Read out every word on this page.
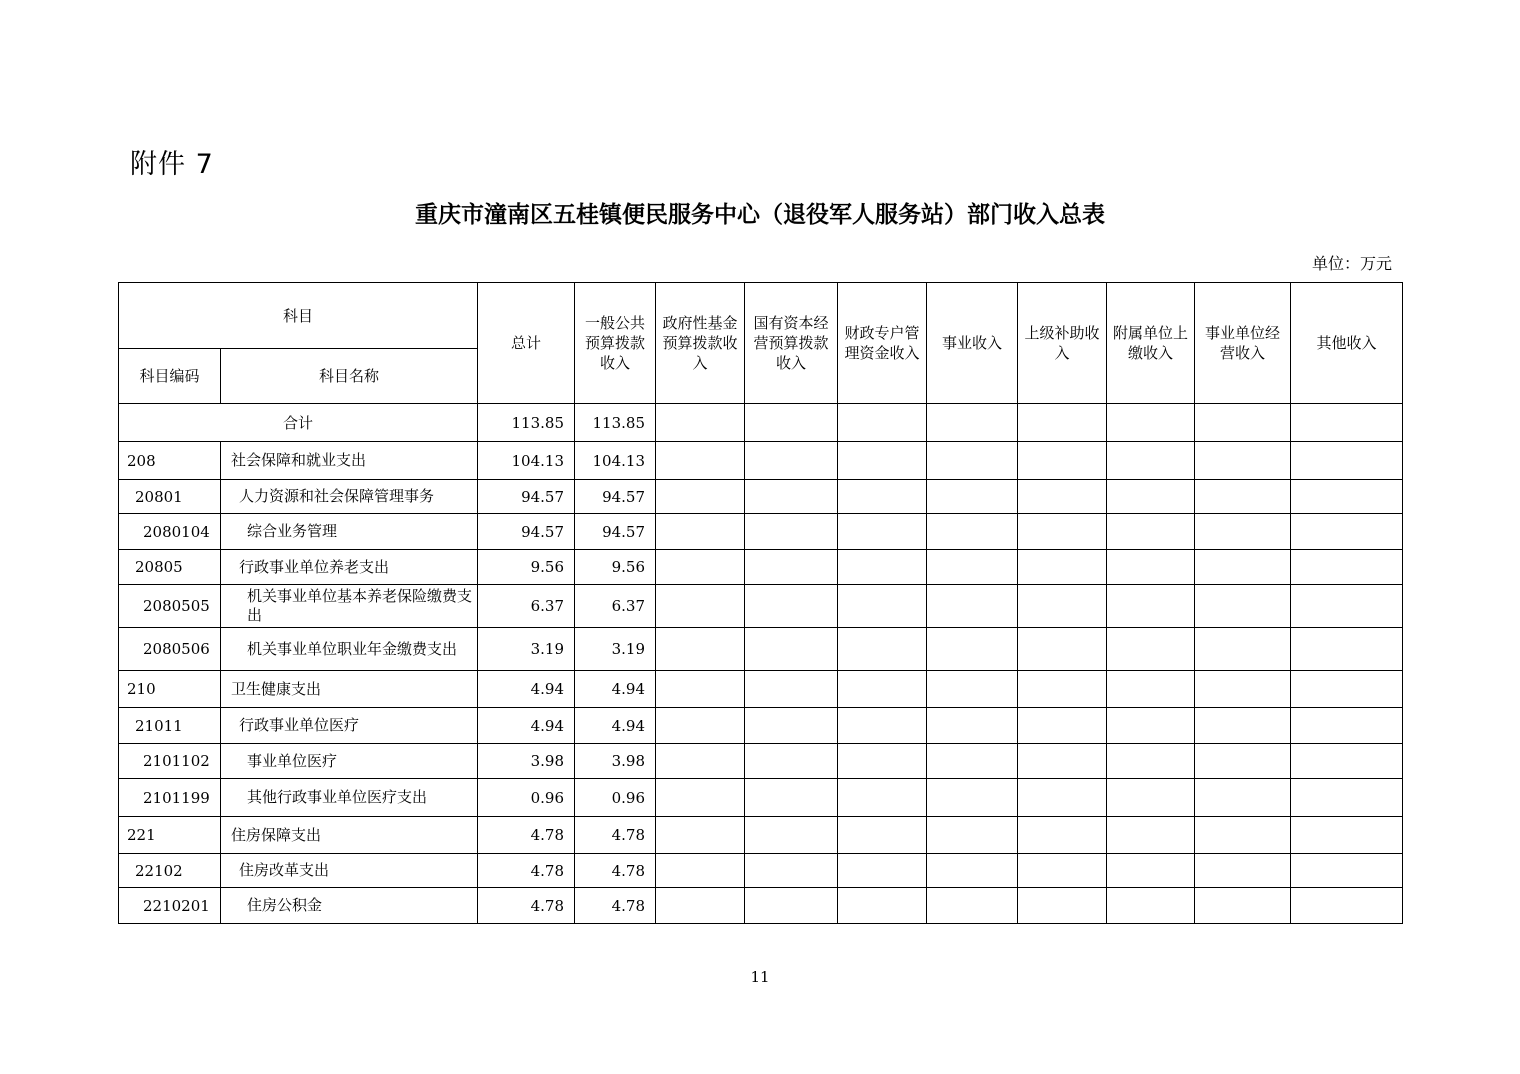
附件 7
重庆市潼南区五桂镇便民服务中心（退役军人服务站）部门收入总表
单位：万元
科目		总计	一般公共预算拨款收入	政府性基金预算拨款收入	国有资本经营预算拨款收入	财政专户管理资金收入	事业收入	上级补助收入	附属单位上缴收入	事业单位经营收入	其他收入
科目编码	科目名称										
合计		113.85	113.85								
208	社会保障和就业支出	104.13	104.13								
20801	人力资源和社会保障管理事务	94.57	94.57								
2080104	综合业务管理	94.57	94.57								
20805	行政事业单位养老支出	9.56	9.56								
2080505	机关事业单位基本养老保险缴费支出	6.37	6.37								
2080506	机关事业单位职业年金缴费支出	3.19	3.19								
210	卫生健康支出	4.94	4.94								
21011	行政事业单位医疗	4.94	4.94								
2101102	事业单位医疗	3.98	3.98								
2101199	其他行政事业单位医疗支出	0.96	0.96								
221	住房保障支出	4.78	4.78								
22102	住房改革支出	4.78	4.78								
2210201	住房公积金	4.78	4.78								
11
